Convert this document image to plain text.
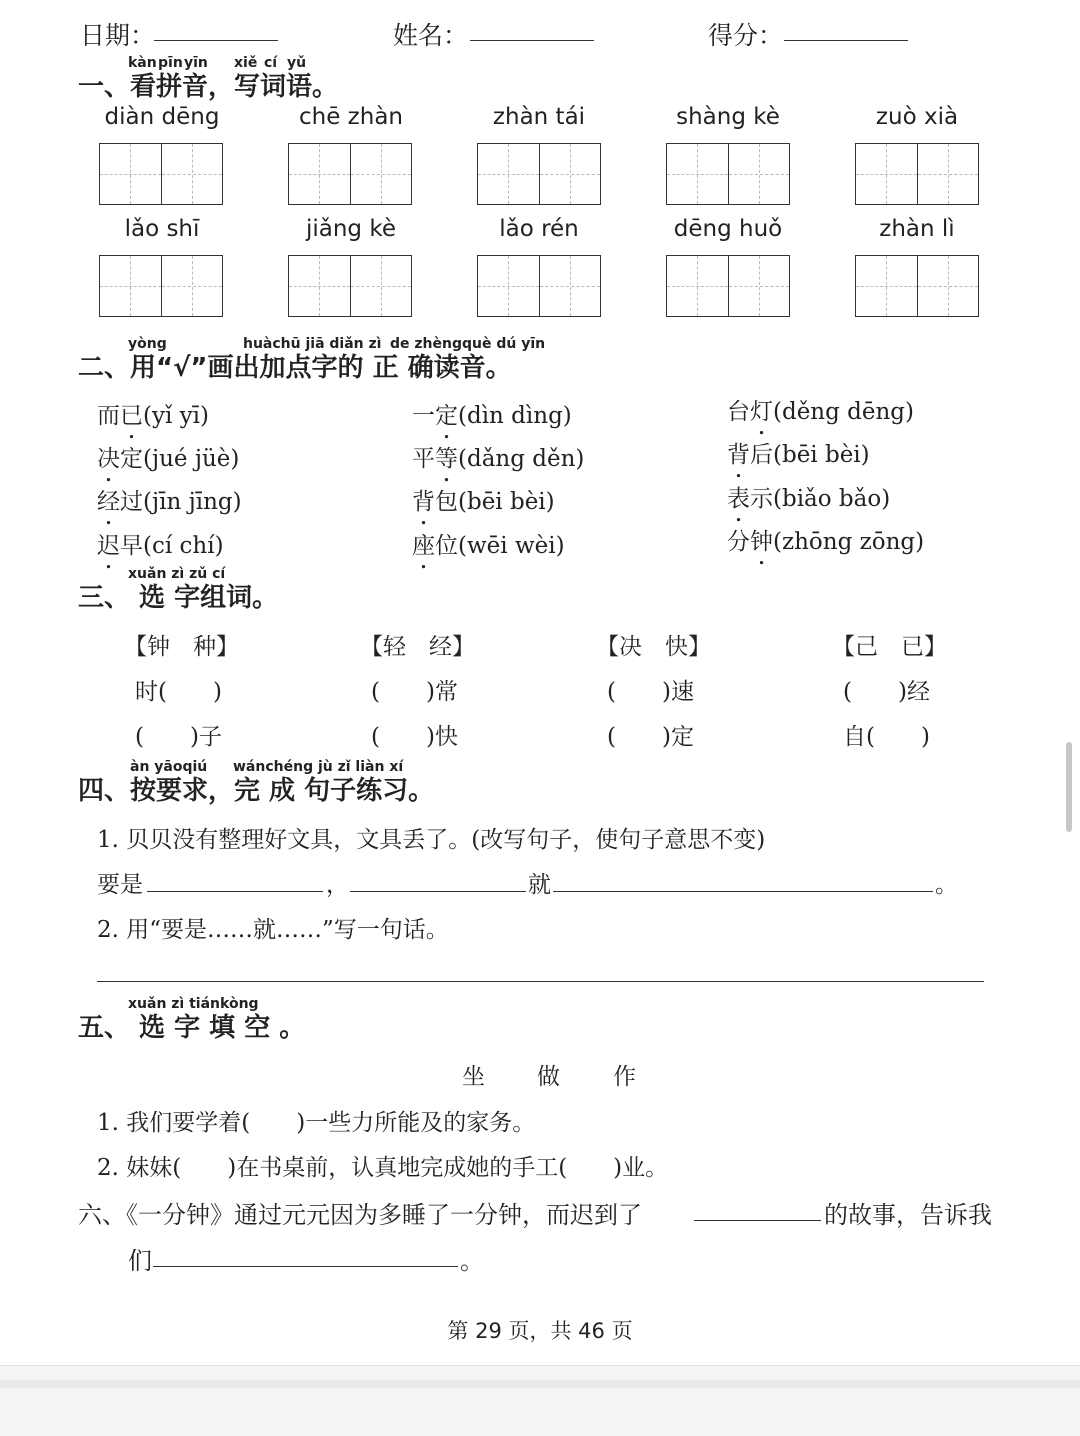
日期：	姓名：	得分：
kàn pīn yīn xiě cí yǔ
一、看拼音，写词语。
diàn dēng	chē zhàn	zhàn tái	shàng kè	zuò xià
lǎo shī	jiǎng kè	lǎo rén	dēng huǒ	zhàn lì
yòng	huàchū jiā diǎn zì de zhèngquè dú yīn
二、用“√”画出加点字的 正 确读音。
而已(yǐ yī)	一定(dìn dìng)	台灯(děng dēng)
决定(jué jüè)	平等(dǎng děn)	背后(bēi bèi)
经过(jīn jīng)	背包(bēi bèi)	表示(biǎo bǎo)
迟早(cí chí)	座位(wēi wèi)	分钟(zhōng zōng)
xuǎn zì zǔ cí
三、 选 字组词。
【钟　种】	【轻　经】	【决　快】	【己　已】
时(　　)	(　　)常	(　　)速	(　　)经
(　　)子	(　　)快	(　　)定	自(　　)
àn yāoqiú wánchéng jù zǐ liàn xí
四、按要求，完 成 句子练习。
1. 贝贝没有整理好文具，文具丢了。(改写句子，使句子意思不变)
要是	，	就	。
2. 用“要是……就……”写一句话。
xuǎn zì tiánkòng
五、 选 字 填 空 。
坐 做 作
1. 我们要学着(　　)一些力所能及的家务。
2. 妹妹(　　)在书桌前，认真地完成她的手工(　　)业。
六、《一分钟》通过元元因为多睡了一分钟，而迟到了	的故事，告诉我
们	。
第 29 页，共 46 页
